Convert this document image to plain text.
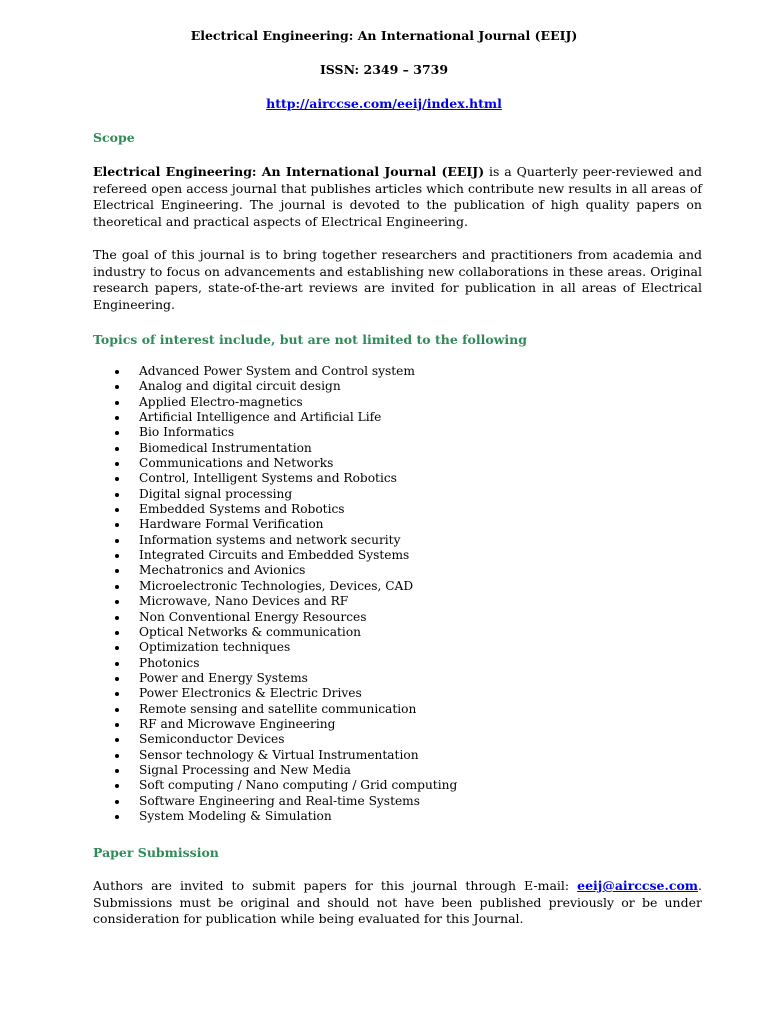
Electrical Engineering: An International Journal (EEIJ)
ISSN: 2349 – 3739
http://airccse.com/eeij/index.html
Scope

Electrical Engineering: An International Journal (EEIJ) is a Quarterly peer-reviewed and refereed open access journal that publishes articles which contribute new results in all areas of Electrical Engineering. The journal is devoted to the publication of high quality papers on theoretical and practical aspects of Electrical Engineering.

The goal of this journal is to bring together researchers and practitioners from academia and industry to focus on advancements and establishing new collaborations in these areas. Original research papers, state-of-the-art reviews are invited for publication in all areas of Electrical Engineering.

Topics of interest include, but are not limited to the following
Advanced Power System and Control system
Analog and digital circuit design
Applied Electro-magnetics
Artificial Intelligence and Artificial Life
Bio Informatics
Biomedical Instrumentation
Communications and Networks
Control, Intelligent Systems and Robotics
Digital signal processing
Embedded Systems and Robotics
Hardware Formal Verification
Information systems and network security
Integrated Circuits and Embedded Systems
Mechatronics and Avionics
Microelectronic Technologies, Devices, CAD
Microwave, Nano Devices and RF
Non Conventional Energy Resources
Optical Networks & communication
Optimization techniques
Photonics
Power and Energy Systems
Power Electronics & Electric Drives
Remote sensing and satellite communication
RF and Microwave Engineering
Semiconductor Devices
Sensor technology & Virtual Instrumentation
Signal Processing and New Media
Soft computing / Nano computing / Grid computing
Software Engineering and Real-time Systems
System Modeling & Simulation
Paper Submission

Authors are invited to submit papers for this journal through E-mail: eeij@airccse.com. Submissions must be original and should not have been published previously or be under consideration for publication while being evaluated for this Journal.
